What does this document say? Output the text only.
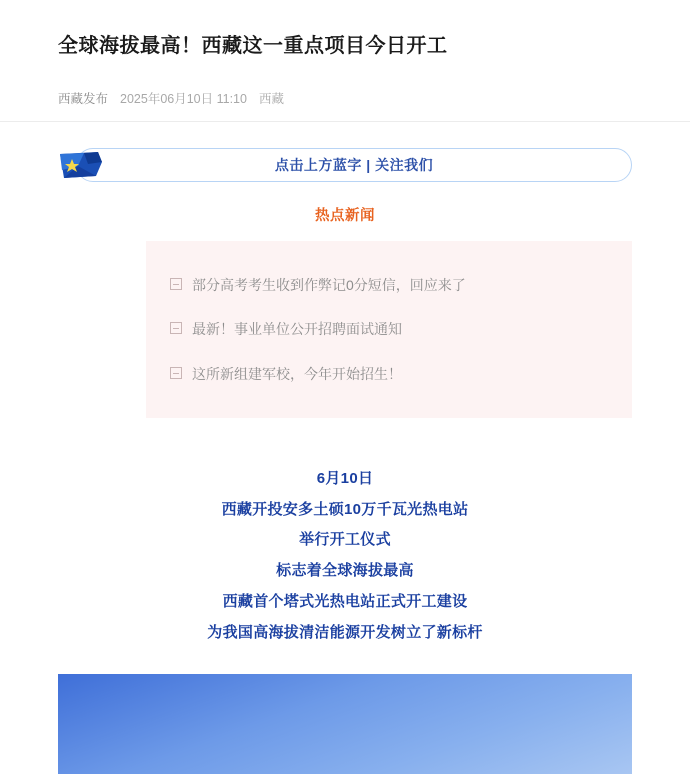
全球海拔最高！西藏这一重点项目今日开工
西藏发布 2025年06月10日 11:10 西藏
点击上方蓝字 | 关注我们
热点新闻
部分高考考生收到作弊记0分短信，回应来了
最新！事业单位公开招聘面试通知
这所新组建军校，今年开始招生！
6月10日
西藏开投安多土硕10万千瓦光热电站
举行开工仪式
标志着全球海拔最高
西藏首个塔式光热电站正式开工建设
为我国高海拔清洁能源开发树立了新标杆
